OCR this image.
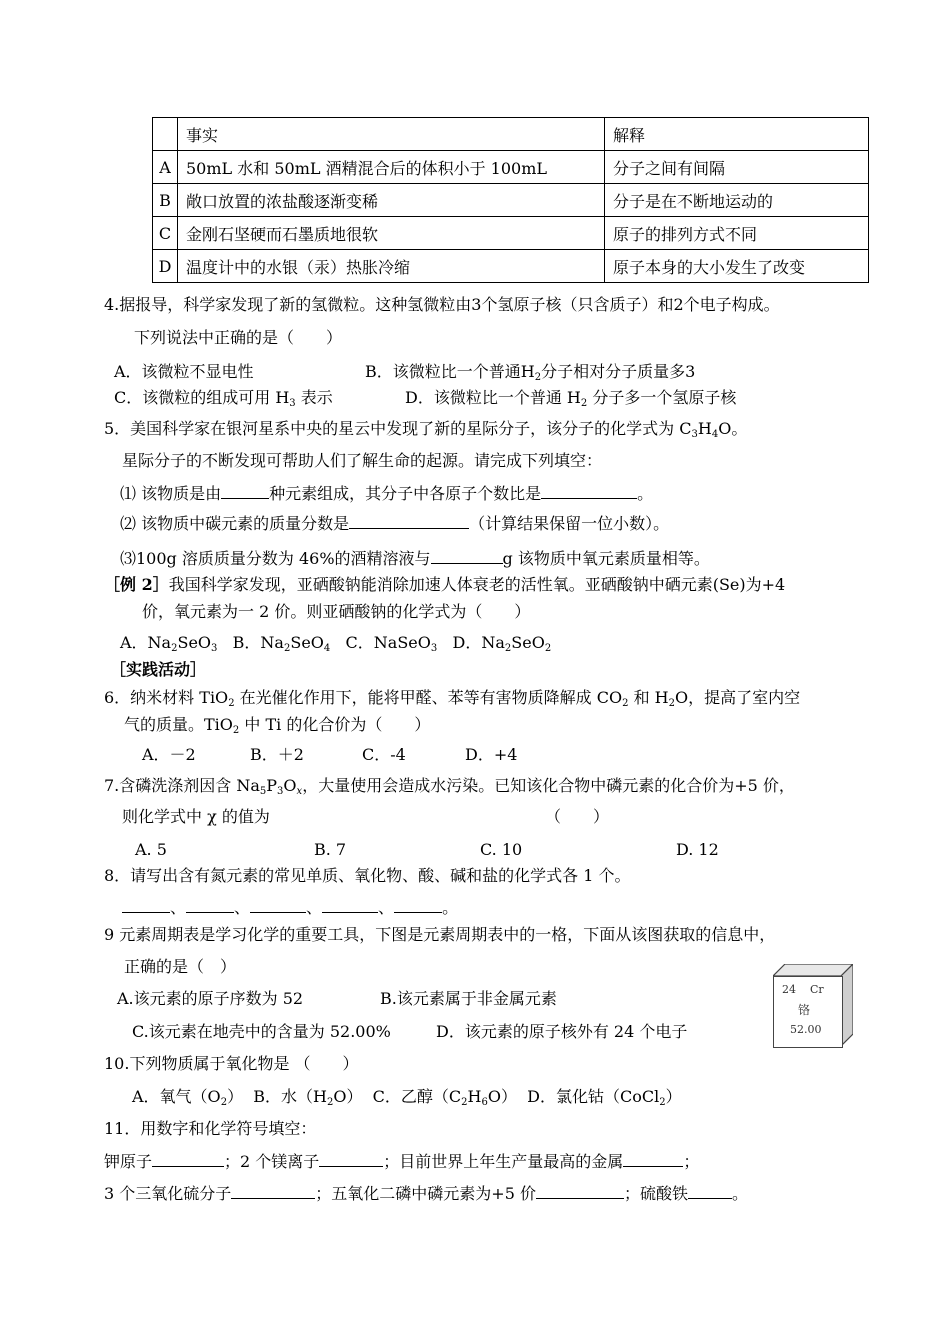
	事实	解释
A	50mL 水和 50mL 酒精混合后的体积小于 100mL	分子之间有间隔
B	敞口放置的浓盐酸逐渐变稀	分子是在不断地运动的
C	金刚石坚硬而石墨质地很软	原子的排列方式不同
D	温度计中的水银（汞）热胀冷缩	原子本身的大小发生了改变
4.据报导，科学家发现了新的氢微粒。这种氢微粒由3个氢原子核（只含质子）和2个电子构成。
下列说法中正确的是（　　）
A．该微粒不显电性	B．该微粒比一个普通$H_2$分子相对分子质量多3
C．该微粒的组成可用 $H_3$ 表示	D．该微粒比一个普通 $H_2$ 分子多一个氢原子核
5．美国科学家在银河星系中央的星云中发现了新的星际分子，该分子的化学式为 $C_3H_4O$。
星际分子的不断发现可帮助人们了解生命的起源。请完成下列填空：
⑴ 该物质是由	种元素组成，其分子中各原子个数比是	。
⑵ 该物质中碳元素的质量分数是	（计算结果保留一位小数）。
⑶100g 溶质质量分数为 46%的酒精溶液与	g 该物质中氧元素质量相等。
［例 2］我国科学家发现，亚硒酸钠能消除加速人体衰老的活性氧。亚硒酸钠中硒元素(Se)为+4
价，氧元素为一 2 价。则亚硒酸钠的化学式为（　　）
A．$Na_2SeO_3$ B．$Na_2SeO_4$ C．NaSeO$_3$ D．$Na_2SeO_2$
［实践活动］
6．纳米材料 TiO$_2$ 在光催化作用下，能将甲醛、苯等有害物质降解成 $CO_2$ 和 $H_2O$，提高了室内空
气的质量。TiO$_2$ 中 Ti 的化合价为（　　）
A．－2	B．＋2	C．-4	D．+4
7.含磷洗涤剂因含 $Na_5P_3O_x$，大量使用会造成水污染。已知该化合物中磷元素的化合价为+5 价，
则化学式中 χ 的值为	（　　）
A. 5	B. 7	C. 10	D. 12
8．请写出含有氮元素的常见单质、氧化物、酸、碱和盐的化学式各 1 个。
、	、	、	、	。
9 元素周期表是学习化学的重要工具，下图是元素周期表中的一格，下面从该图获取的信息中，
正确的是（　）
A.该元素的原子序数为 52	B.该元素属于非金属元素
C.该元素在地壳中的含量为 52.00%	D．该元素的原子核外有 24 个电子
24 Cr
铬
52.00
10.下列物质属于氧化物是 （　　）
A．氧气$(O_2)$ B．水$(H_2O)$ C．乙醇$(C_2H_6O)$ D．氯化钴（CoCl$_2$）
11．用数字和化学符号填空：
钾原子	；2 个镁离子	；目前世界上年生产量最高的金属	；
3 个三氧化硫分子	；五氧化二磷中磷元素为+5 价	；硫酸铁	。
